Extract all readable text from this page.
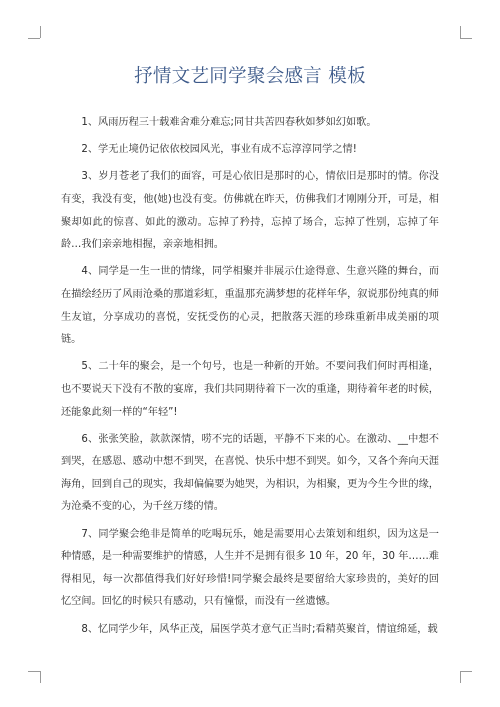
抒情文艺同学聚会感言 模板

1、风雨历程三十载难舍难分难忘;同甘共苦四春秋如梦如幻如歌。

2、学无止境仍记依依校园风光，事业有成不忘淳淳同学之情!

3、岁月苍老了我们的面容，可是心依旧是那时的心，情依旧是那时的情。你没有变，我没有变，他(她)也没有变。仿佛就在昨天，仿佛我们才刚刚分开，可是，相聚却如此的惊喜、如此的激动。忘掉了矜持，忘掉了场合，忘掉了性别，忘掉了年龄…我们亲亲地相握，亲亲地相拥。

4、同学是一生一世的情缘，同学相聚并非展示仕途得意、生意兴隆的舞台，而在描绘经历了风雨沧桑的那道彩虹，重温那充满梦想的花样年华，叙说那份纯真的师生友谊，分享成功的喜悦，安抚受伤的心灵，把散落天涯的珍珠重新串成美丽的项链。

5、二十年的聚会，是一个句号，也是一种新的开始。不要问我们何时再相逢，也不要说天下没有不散的宴席，我们共同期待着下一次的重逢，期待着年老的时候，还能象此刻一样的“年轻”!

6、张张笑脸，款款深情，唠不完的话题，平静不下来的心。在激动、__中想不到哭，在感恩、感动中想不到哭，在喜悦、快乐中想不到哭。如今，又各个奔向天涯海角，回到自己的现实，我却偏偏要为她哭，为相识，为相聚，更为今生今世的缘，为沧桑不变的心，为千丝万缕的情。

7、同学聚会绝非是简单的吃喝玩乐，她是需要用心去策划和组织，因为这是一种情感，是一种需要维护的情感，人生并不是拥有很多 10 年，20 年，30 年……难得相见，每一次都值得我们好好珍惜!同学聚会最终是要留给大家珍贵的，美好的回忆空间。回忆的时候只有感动，只有憧憬，而没有一丝遗憾。

8、忆同学少年，风华正茂，届医学英才意气正当时;看精英聚首，情谊绵延，载
